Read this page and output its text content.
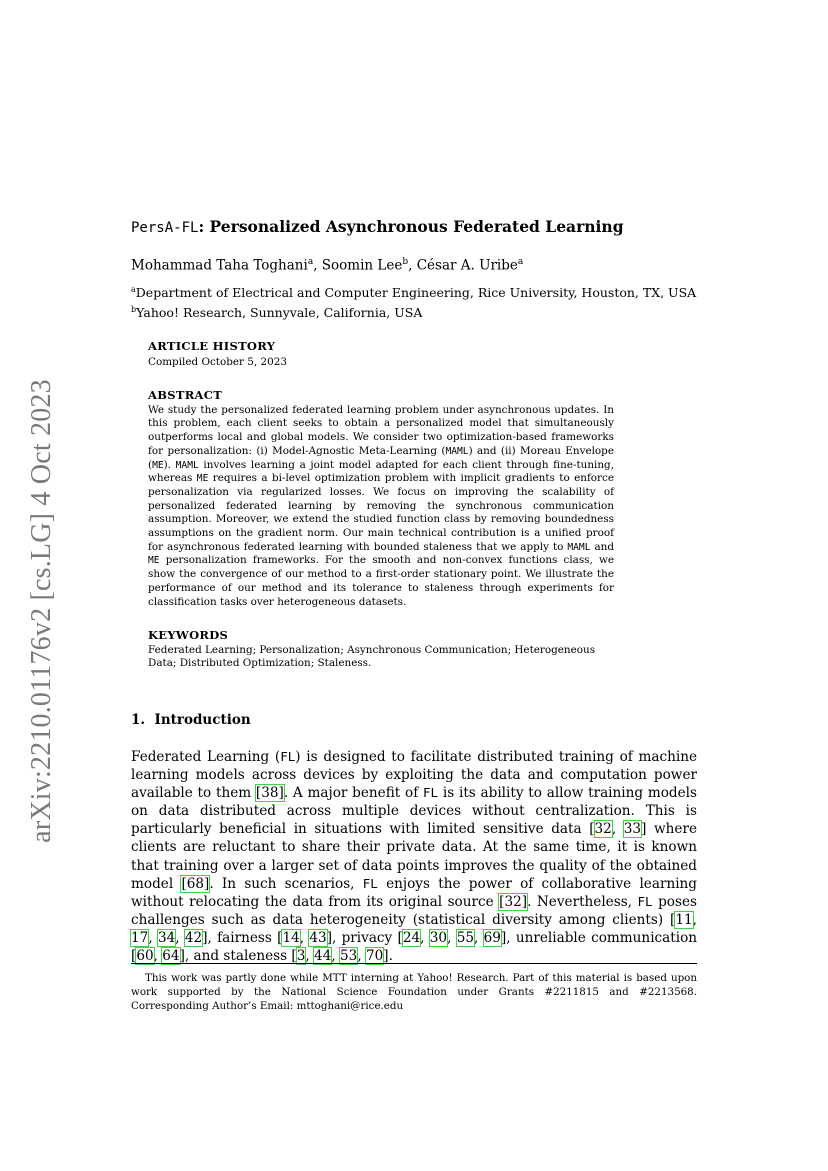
arXiv:2210.01176v2 [cs.LG] 4 Oct 2023
PersA-FL: Personalized Asynchronous Federated Learning
Mohammad Taha Toghani$^a$, Soomin Lee$^b$, César A. Uribe$^a$
$^a$Department of Electrical and Computer Engineering, Rice University, Houston, TX, USA
$^b$Yahoo! Research, Sunnyvale, California, USA
ARTICLE HISTORY
Compiled October 5, 2023
ABSTRACT

We study the personalized federated learning problem under asynchronous updates. In this problem, each client seeks to obtain a personalized model that simultaneously outperforms local and global models. We consider two optimization-based frameworks for personalization: (i) Model-Agnostic Meta-Learning (MAML) and (ii) Moreau Envelope (ME). MAML involves learning a joint model adapted for each client through fine-tuning, whereas ME requires a bi-level optimization problem with implicit gradients to enforce personalization via regularized losses. We focus on improving the scalability of personalized federated learning by removing the synchronous communication assumption. Moreover, we extend the studied function class by removing boundedness assumptions on the gradient norm. Our main technical contribution is a unified proof for asynchronous federated learning with bounded staleness that we apply to MAML and ME personalization frameworks. For the smooth and non-convex functions class, we show the convergence of our method to a first-order stationary point. We illustrate the performance of our method and its tolerance to staleness through experiments for classification tasks over heterogeneous datasets.

KEYWORDS

Federated Learning; Personalization; Asynchronous Communication; Heterogeneous Data; Distributed Optimization; Staleness.

1. Introduction

Federated Learning (FL) is designed to facilitate distributed training of machine learning models across devices by exploiting the data and computation power available to them [38]. A major benefit of FL is its ability to allow training models on data distributed across multiple devices without centralization. This is particularly beneficial in situations with limited sensitive data [32, 33] where clients are reluctant to share their private data. At the same time, it is known that training over a larger set of data points improves the quality of the obtained model [68]. In such scenarios, FL enjoys the power of collaborative learning without relocating the data from its original source [32]. Nevertheless, FL poses challenges such as data heterogeneity (statistical diversity among clients) [11, 17, 34, 42], fairness [14, 43], privacy [24, 30, 55, 69], unreliable communication [60, 64], and staleness [3, 44, 53, 70].

This work was partly done while MTT interning at Yahoo! Research. Part of this material is based upon work supported by the National Science Foundation under Grants #2211815 and #2213568. Corresponding Author’s Email: mttoghani@rice.edu
